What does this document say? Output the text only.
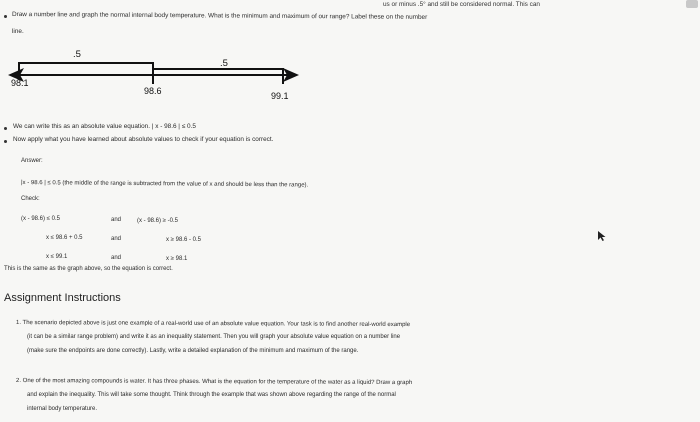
us or minus .5° and still be considered normal. This can
Draw a number line and graph the normal internal body temperature. What is the minimum and maximum of our range? Label these on the number
line.
.5
.5
98.1
98.6	99.1
We can write this as an absolute value equation. | x - 98.6 | ≤ 0.5
Now apply what you have learned about absolute values to check if your equation is correct.
Answer:
|x - 98.6 | ≤ 0.5 (the middle of the range is subtracted from the value of x and should be less than the range).
Check:
(x - 98.6) ≤ 0.5	and	(x - 98.6) ≥ -0.5
x ≤ 98.6 + 0.5	and	x ≥ 98.6 - 0.5
x ≤ 99.1	and	x ≥ 98.1
This is the same as the graph above, so the equation is correct.
Assignment Instructions
1. The scenario depicted above is just one example of a real-world use of an absolute value equation. Your task is to find another real-world example
(it can be a similar range problem) and write it as an inequality statement. Then you will graph your absolute value equation on a number line
(make sure the endpoints are done correctly). Lastly, write a detailed explanation of the minimum and maximum of the range.
2. One of the most amazing compounds is water. It has three phases. What is the equation for the temperature of the water as a liquid? Draw a graph
and explain the inequality. This will take some thought. Think through the example that was shown above regarding the range of the normal
internal body temperature.
